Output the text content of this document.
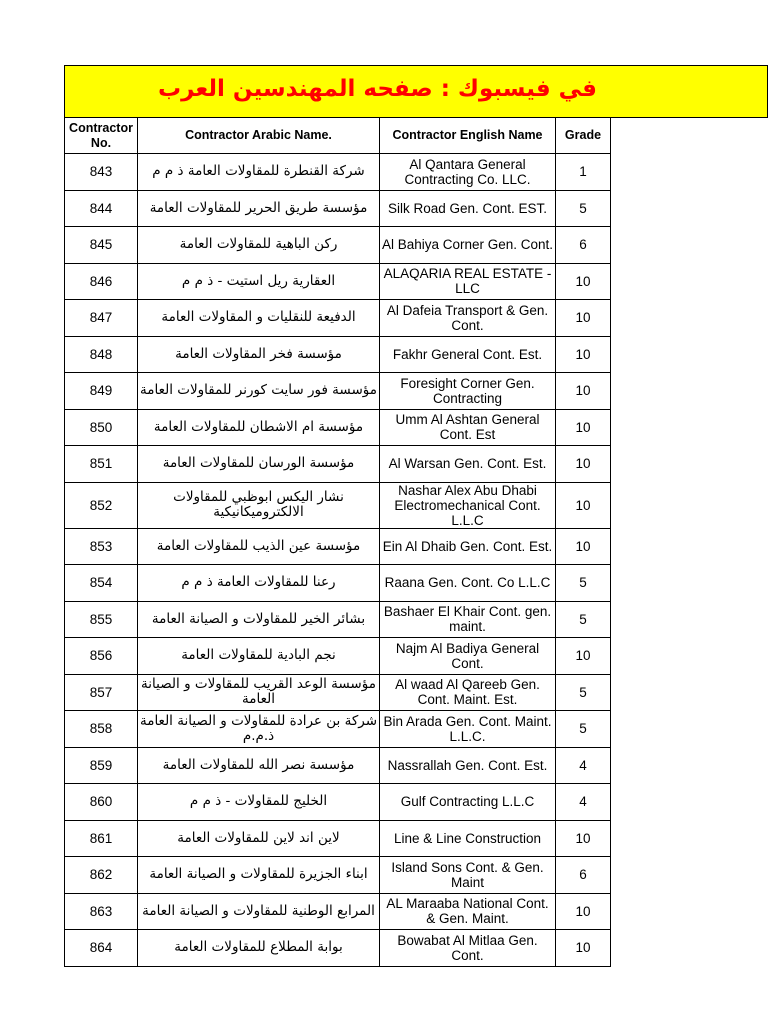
في فيسبوك : صفحه المهندسين العرب
Contractor No.	Contractor Arabic Name.	Contractor English Name	Grade
843	شركة القنطرة للمقاولات العامة ذ م م	Al Qantara General Contracting Co. LLC.	1
844	مؤسسة طريق الحرير للمقاولات العامة	Silk Road Gen. Cont. EST.	5
845	ركن الباهية للمقاولات العامة	Al Bahiya Corner Gen. Cont.	6
846	العقارية ريل استيت - ذ م م	ALAQARIA REAL ESTATE -LLC	10
847	الدفيعة للنقليات و المقاولات العامة	Al Dafeia Transport & Gen. Cont.	10
848	مؤسسة فخر المقاولات العامة	Fakhr General Cont. Est.	10
849	مؤسسة فور سايت كورنر للمقاولات العامة	Foresight Corner Gen. Contracting	10
850	مؤسسة ام الاشطان للمقاولات العامة	Umm Al Ashtan General Cont. Est	10
851	مؤسسة الورسان للمقاولات العامة	Al Warsan Gen. Cont. Est.	10
852	نشار اليكس ابوظبي للمقاولات الالكتروميكانيكية	Nashar Alex Abu Dhabi Electromechanical Cont. L.L.C	10
853	مؤسسة عين الذيب للمقاولات العامة	Ein Al Dhaib Gen. Cont. Est.	10
854	رعنا للمقاولات العامة ذ م م	Raana Gen. Cont. Co L.L.C	5
855	بشائر الخير للمقاولات و الصيانة العامة	Bashaer El Khair Cont. gen. maint.	5
856	نجم البادية للمقاولات العامة	Najm Al Badiya General Cont.	10
857	مؤسسة الوعد القريب للمقاولات و الصيانة العامة	Al waad Al Qareeb Gen. Cont. Maint. Est.	5
858	شركة بن عرادة للمقاولات و الصيانة العامة ذ.م.م	Bin Arada Gen. Cont. Maint. L.L.C.	5
859	مؤسسة نصر الله للمقاولات العامة	Nassrallah Gen. Cont. Est.	4
860	الخليج للمقاولات - ذ م م	Gulf Contracting L.L.C	4
861	لاين اند لاين للمقاولات العامة	Line & Line Construction	10
862	ابناء الجزيرة للمقاولات و الصيانة العامة	Island Sons Cont. & Gen. Maint	6
863	المرابع الوطنية للمقاولات و الصيانة العامة	AL Maraaba National Cont. & Gen. Maint.	10
864	بوابة المطلاع للمقاولات العامة	Bowabat Al Mitlaa Gen. Cont.	10
